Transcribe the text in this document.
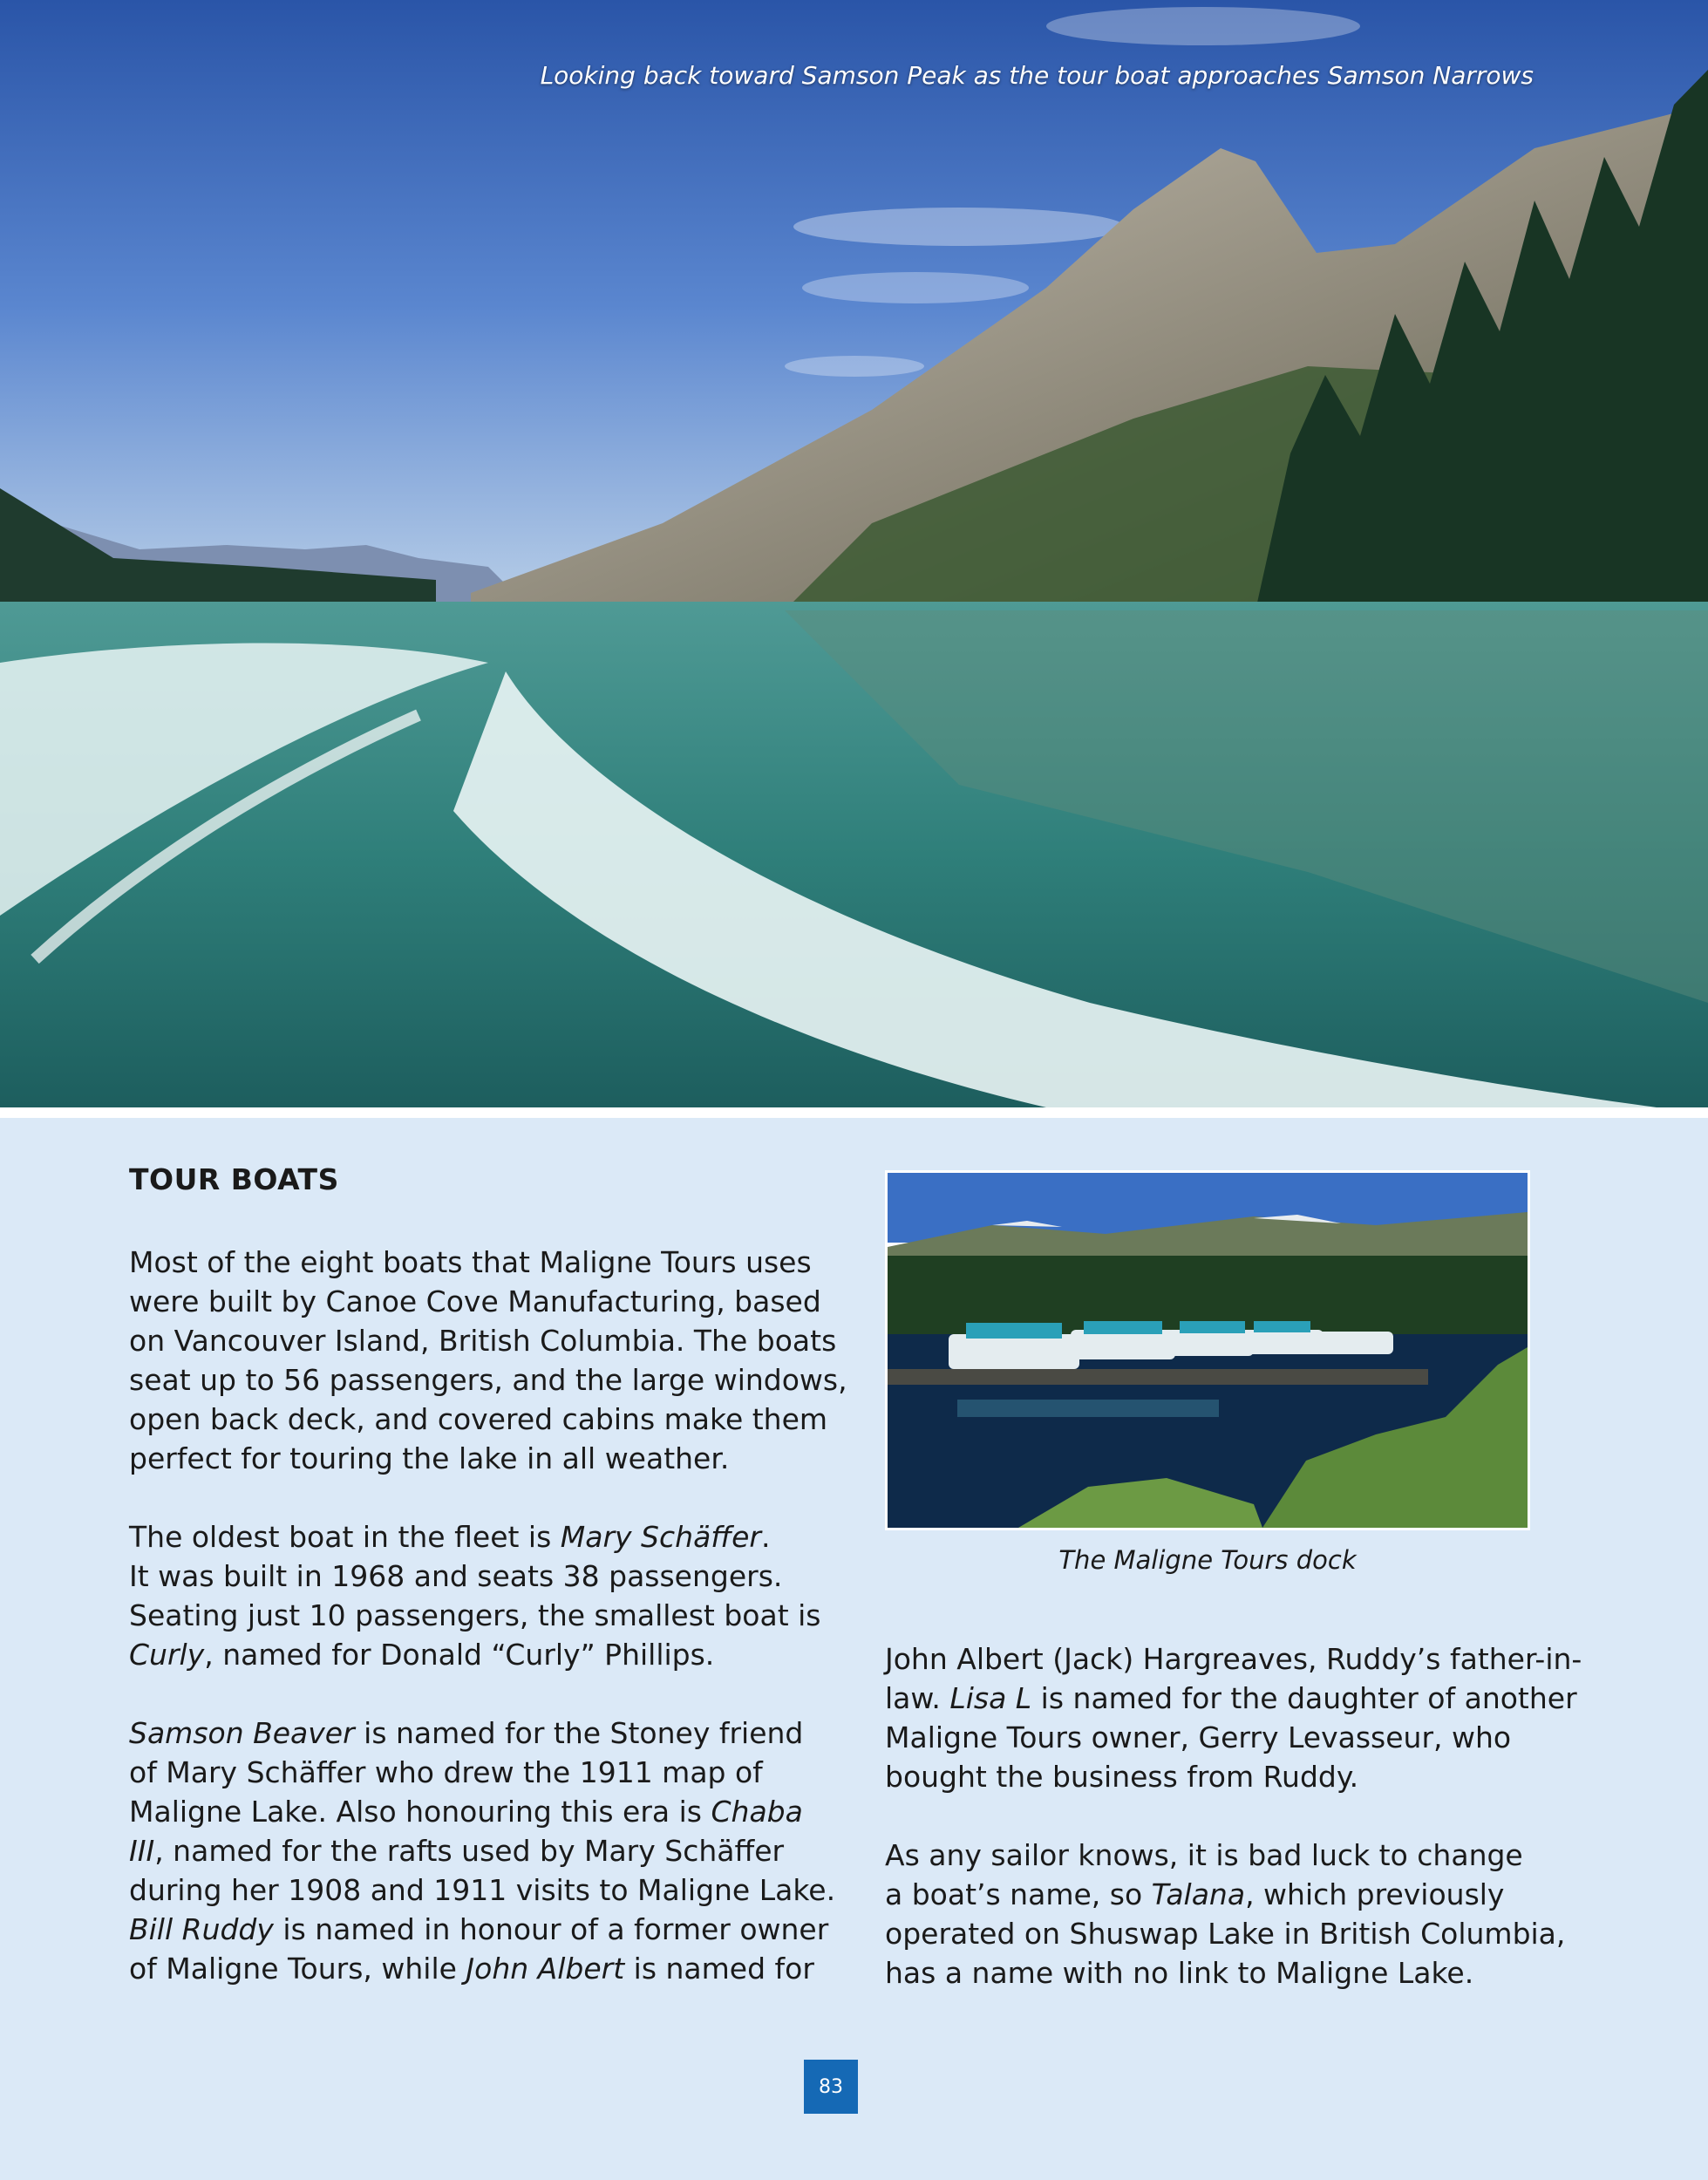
Looking back toward Samson Peak as the tour boat approaches Samson Narrows
TOUR BOATS
Most of the eight boats that Maligne Tours uses
were built by Canoe Cove Manufacturing, based
on Vancouver Island, British Columbia. The boats
seat up to 56 passengers, and the large windows,
open back deck, and covered cabins make them
perfect for touring the lake in all weather.
The oldest boat in the fleet is Mary Schäffer.
It was built in 1968 and seats 38 passengers.
Seating just 10 passengers, the smallest boat is
Curly, named for Donald “Curly” Phillips.
Samson Beaver is named for the Stoney friend
of Mary Schäffer who drew the 1911 map of
Maligne Lake. Also honouring this era is Chaba
III, named for the rafts used by Mary Schäffer
during her 1908 and 1911 visits to Maligne Lake.
Bill Ruddy is named in honour of a former owner
of Maligne Tours, while John Albert is named for
The Maligne Tours dock
John Albert (Jack) Hargreaves, Ruddy’s father-in-
law. Lisa L is named for the daughter of another
Maligne Tours owner, Gerry Levasseur, who
bought the business from Ruddy.
As any sailor knows, it is bad luck to change
a boat’s name, so Talana, which previously
operated on Shuswap Lake in British Columbia,
has a name with no link to Maligne Lake.
83
